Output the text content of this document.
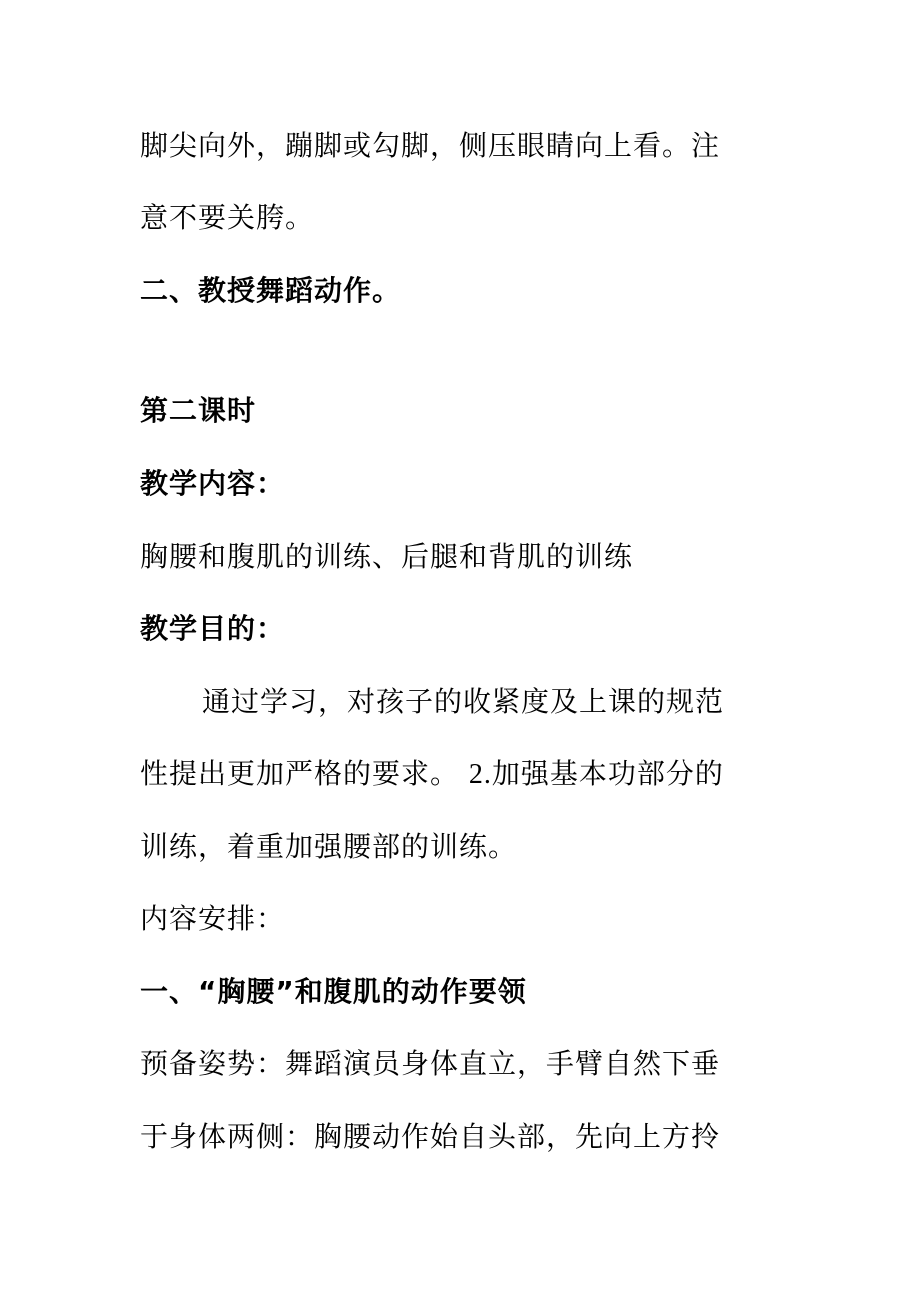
脚尖向外，蹦脚或勾脚，侧压眼睛向上看。注
意不要关胯。
二、教授舞蹈动作。
第二课时
教学内容：
胸腰和腹肌的训练、后腿和背肌的训练
教学目的：
通过学习，对孩子的收紧度及上课的规范
性提出更加严格的要求。 2.加强基本功部分的
训练，着重加强腰部的训练。
内容安排：
一、“胸腰”和腹肌的动作要领
预备姿势：舞蹈演员身体直立，手臂自然下垂
于身体两侧：胸腰动作始自头部，先向上方拎
